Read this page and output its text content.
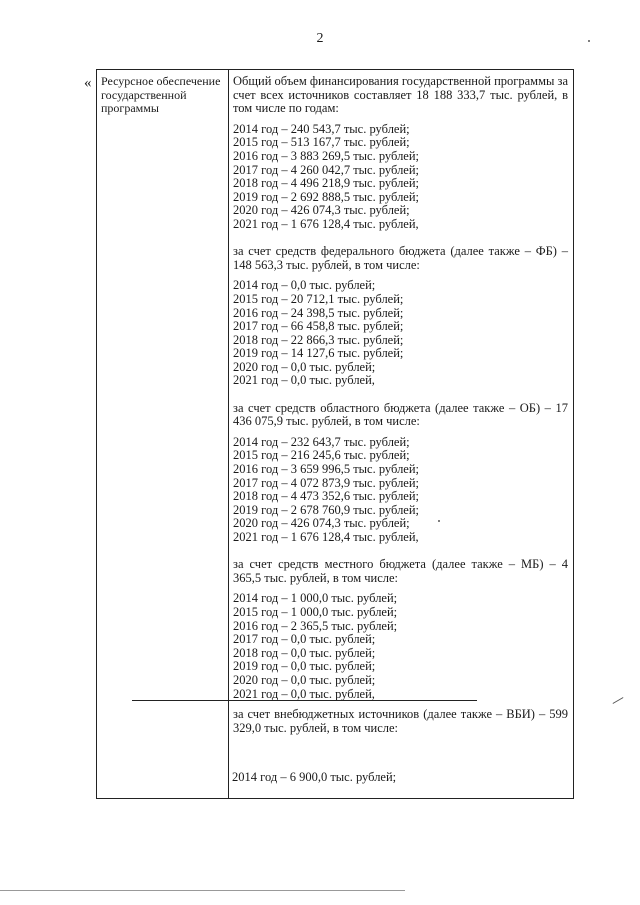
2
« Ресурсное обеспечение государственной программы
Общий объем финансирования государственной программы за счет всех источников составляет 18 188 333,7 тыс. рублей, в том числе по годам:
2014 год – 240 543,7 тыс. рублей;
2015 год – 513 167,7 тыс. рублей;
2016 год – 3 883 269,5 тыс. рублей;
2017 год – 4 260 042,7 тыс. рублей;
2018 год – 4 496 218,9 тыс. рублей;
2019 год – 2 692 888,5 тыс. рублей;
2020 год – 426 074,3 тыс. рублей;
2021 год – 1 676 128,4 тыс. рублей,
за счет средств федерального бюджета (далее также – ФБ) – 148 563,3 тыс. рублей, в том числе:
2014 год – 0,0 тыс. рублей;
2015 год – 20 712,1 тыс. рублей;
2016 год – 24 398,5 тыс. рублей;
2017 год – 66 458,8 тыс. рублей;
2018 год – 22 866,3 тыс. рублей;
2019 год – 14 127,6 тыс. рублей;
2020 год – 0,0 тыс. рублей;
2021 год – 0,0 тыс. рублей,
за счет средств областного бюджета (далее также – ОБ) – 17 436 075,9 тыс. рублей, в том числе:
2014 год – 232 643,7 тыс. рублей;
2015 год – 216 245,6 тыс. рублей;
2016 год – 3 659 996,5 тыс. рублей;
2017 год – 4 072 873,9 тыс. рублей;
2018 год – 4 473 352,6 тыс. рублей;
2019 год – 2 678 760,9 тыс. рублей;
2020 год – 426 074,3 тыс. рублей;
2021 год – 1 676 128,4 тыс. рублей,
за счет средств местного бюджета (далее также – МБ) – 4 365,5 тыс. рублей, в том числе:
2014 год – 1 000,0 тыс. рублей;
2015 год – 1 000,0 тыс. рублей;
2016 год – 2 365,5 тыс. рублей;
2017 год – 0,0 тыс. рублей;
2018 год – 0,0 тыс. рублей;
2019 год – 0,0 тыс. рублей;
2020 год – 0,0 тыс. рублей;
2021 год – 0,0 тыс. рублей,
за счет внебюджетных источников (далее также – ВБИ) – 599 329,0 тыс. рублей, в том числе:
2014 год – 6 900,0 тыс. рублей;
